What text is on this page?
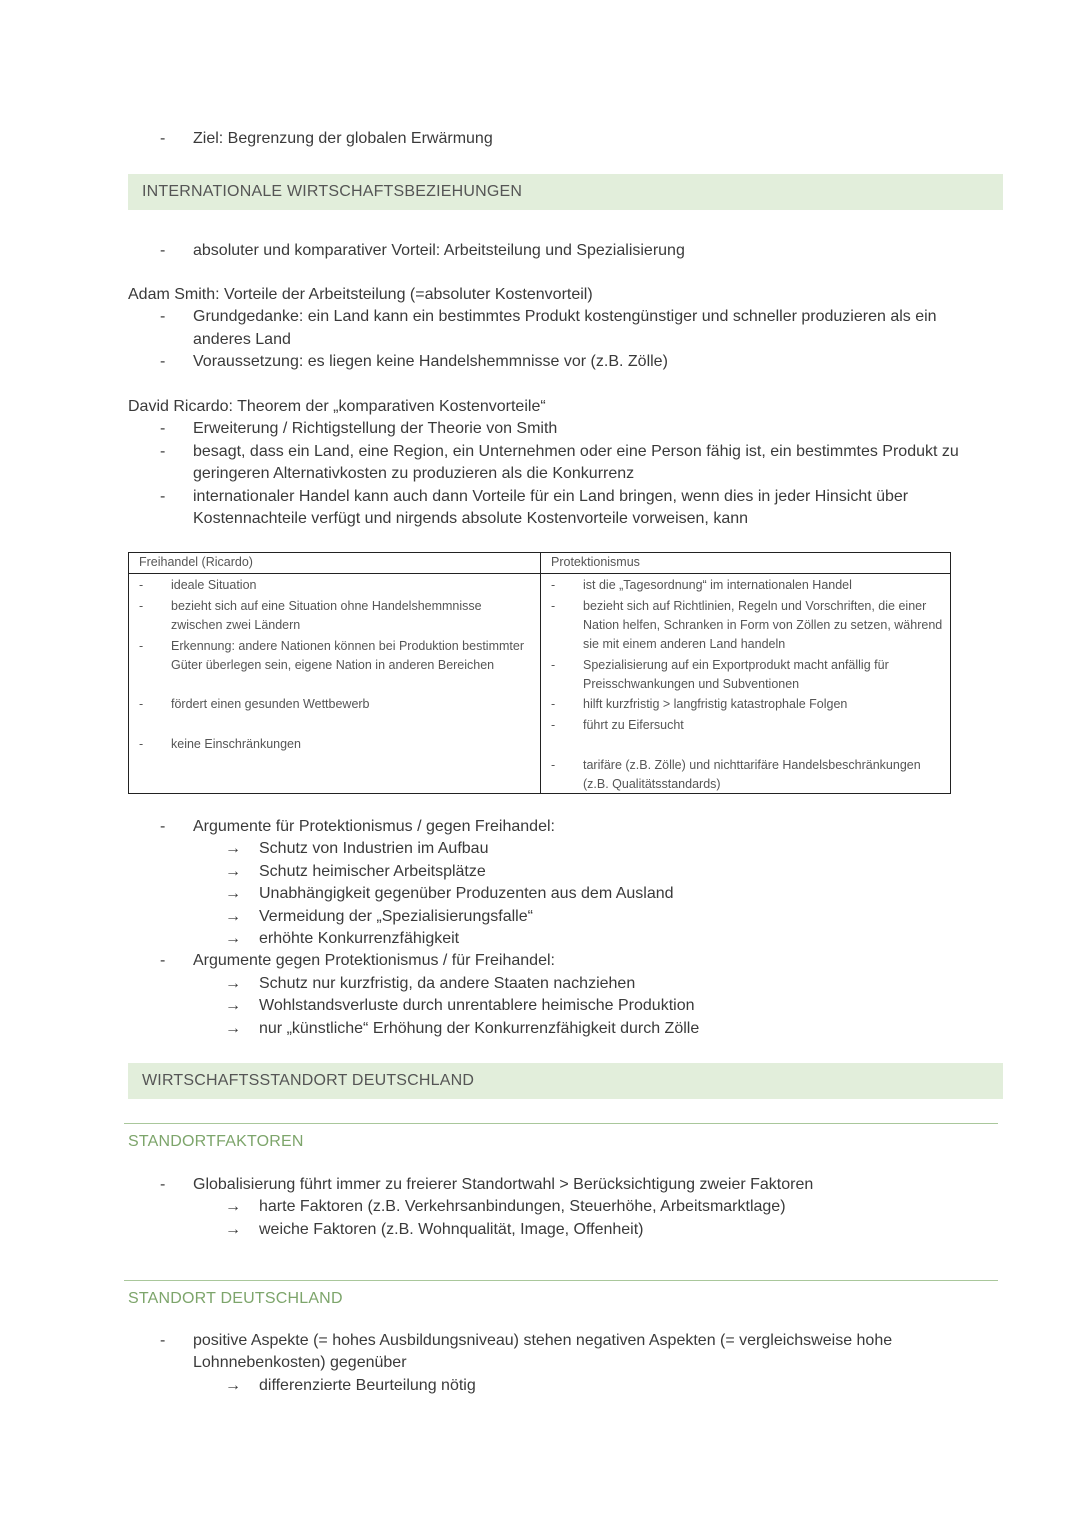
- Ziel: Begrenzung der globalen Erwärmung
INTERNATIONALE WIRTSCHAFTSBEZIEHUNGEN
- absoluter und komparativer Vorteil: Arbeitsteilung und Spezialisierung
Adam Smith: Vorteile der Arbeitsteilung (=absoluter Kostenvorteil)
- Grundgedanke: ein Land kann ein bestimmtes Produkt kostengünstiger und schneller produzieren als ein anderes Land
- Voraussetzung: es liegen keine Handelshemmnisse vor (z.B. Zölle)
David Ricardo: Theorem der „komparativen Kostenvorteile“
- Erweiterung / Richtigstellung der Theorie von Smith
- besagt, dass ein Land, eine Region, ein Unternehmen oder eine Person fähig ist, ein bestimmtes Produkt zu geringeren Alternativkosten zu produzieren als die Konkurrenz
- internationaler Handel kann auch dann Vorteile für ein Land bringen, wenn dies in jeder Hinsicht über Kostennachteile verfügt und nirgends absolute Kostenvorteile vorweisen, kann
Freihandel (Ricardo)
- ideale Situation
- bezieht sich auf eine Situation ohne Handelshemmnisse zwischen zwei Ländern
- Erkennung: andere Nationen können bei Produktion bestimmter Güter überlegen sein, eigene Nation in anderen Bereichen
- fördert einen gesunden Wettbewerb
- keine Einschränkungen
Protektionismus
- ist die „Tagesordnung“ im internationalen Handel
- bezieht sich auf Richtlinien, Regeln und Vorschriften, die einer Nation helfen, Schranken in Form von Zöllen zu setzen, während sie mit einem anderen Land handeln
- Spezialisierung auf ein Exportprodukt macht anfällig für Preisschwankungen und Subventionen
- hilft kurzfristig > langfristig katastrophale Folgen
- führt zu Eifersucht
- tarifäre (z.B. Zölle) und nichttarifäre Handelsbeschränkungen (z.B. Qualitätsstandards)
- Argumente für Protektionismus / gegen Freihandel:
→ Schutz von Industrien im Aufbau
→ Schutz heimischer Arbeitsplätze
→ Unabhängigkeit gegenüber Produzenten aus dem Ausland
→ Vermeidung der „Spezialisierungsfalle“
→ erhöhte Konkurrenzfähigkeit
- Argumente gegen Protektionismus / für Freihandel:
→ Schutz nur kurzfristig, da andere Staaten nachziehen
→ Wohlstandsverluste durch unrentablere heimische Produktion
→ nur „künstliche“ Erhöhung der Konkurrenzfähigkeit durch Zölle
WIRTSCHAFTSSTANDORT DEUTSCHLAND
STANDORTFAKTOREN
- Globalisierung führt immer zu freierer Standortwahl > Berücksichtigung zweier Faktoren
→ harte Faktoren (z.B. Verkehrsanbindungen, Steuerhöhe, Arbeitsmarktlage)
→ weiche Faktoren (z.B. Wohnqualität, Image, Offenheit)
STANDORT DEUTSCHLAND
- positive Aspekte (= hohes Ausbildungsniveau) stehen negativen Aspekten (= vergleichsweise hohe Lohnnebenkosten) gegenüber
→ differenzierte Beurteilung nötig
